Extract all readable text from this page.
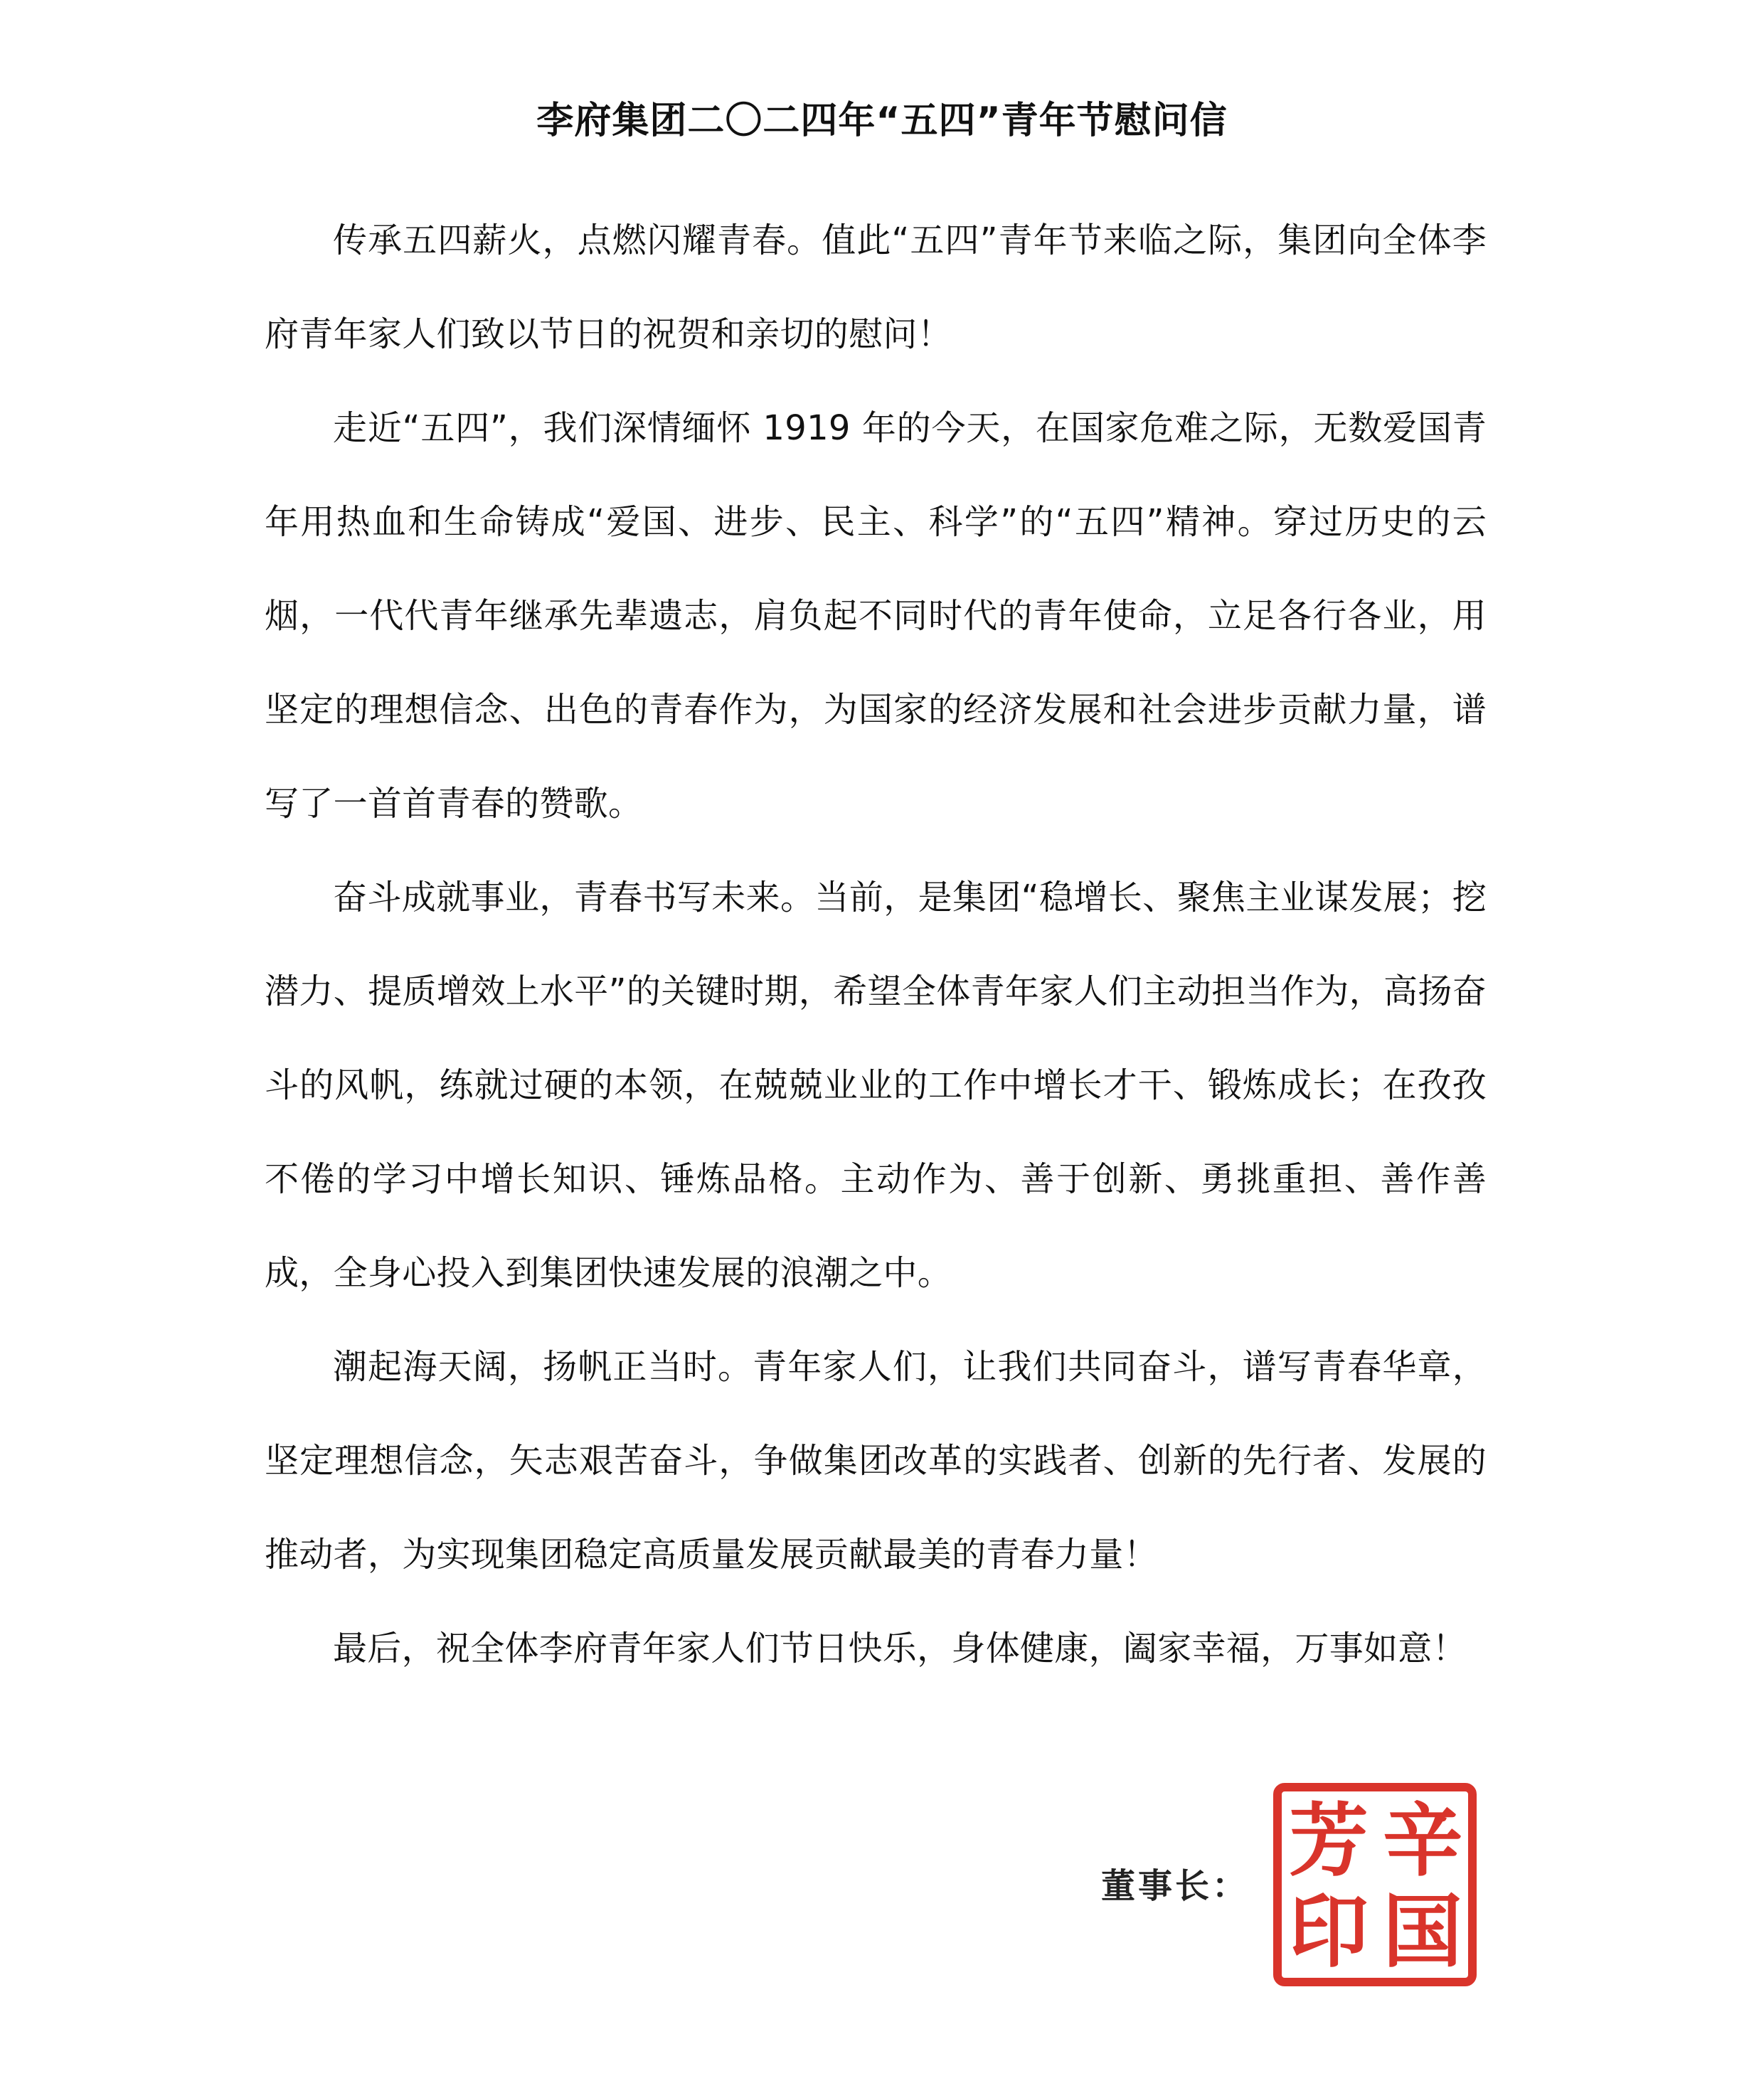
李府集团二〇二四年“五四”青年节慰问信

传承五四薪火，点燃闪耀青春。值此“五四”青年节来临之际，集团向全体李府青年家人们致以节日的祝贺和亲切的慰问！

走近“五四”，我们深情缅怀 1919 年的今天，在国家危难之际，无数爱国青年用热血和生命铸成“爱国、进步、民主、科学”的“五四”精神。穿过历史的云烟，一代代青年继承先辈遗志，肩负起不同时代的青年使命，立足各行各业，用坚定的理想信念、出色的青春作为，为国家的经济发展和社会进步贡献力量，谱写了一首首青春的赞歌。

奋斗成就事业，青春书写未来。当前，是集团“稳增长、聚焦主业谋发展；挖潜力、提质增效上水平”的关键时期，希望全体青年家人们主动担当作为，高扬奋斗的风帆，练就过硬的本领，在兢兢业业的工作中增长才干、锻炼成长；在孜孜不倦的学习中增长知识、锤炼品格。主动作为、善于创新、勇挑重担、善作善成，全身心投入到集团快速发展的浪潮之中。

潮起海天阔，扬帆正当时。青年家人们，让我们共同奋斗，谱写青春华章，坚定理想信念，矢志艰苦奋斗，争做集团改革的实践者、创新的先行者、发展的推动者，为实现集团稳定高质量发展贡献最美的青春力量！

最后，祝全体李府青年家人们节日快乐，身体健康，阖家幸福，万事如意！

董事长： 辛
国
芳
印
